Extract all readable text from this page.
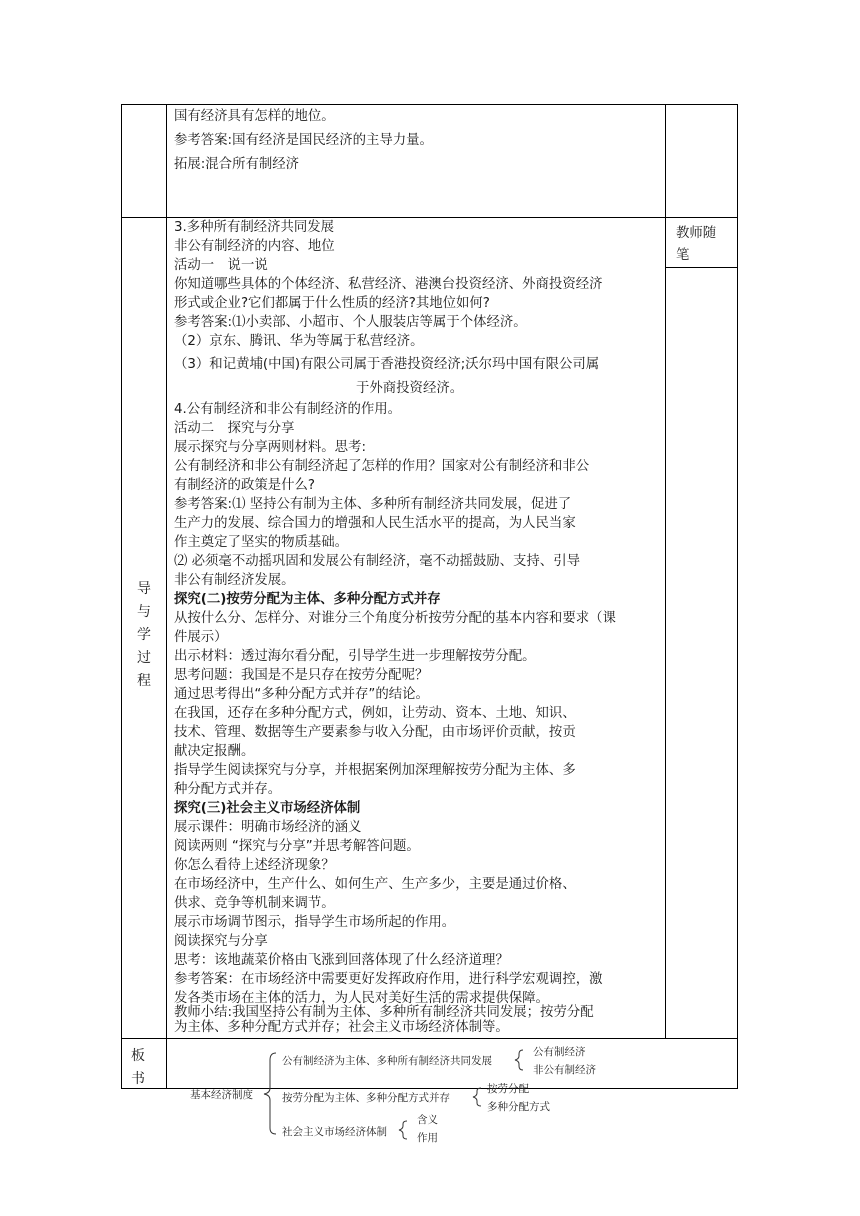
国有经济具有怎样的地位。
参考答案:国有经济是国民经济的主导力量。
拓展:混合所有制经济
教师随
笔
导
与
学
过
程
3.多种所有制经济共同发展
非公有制经济的内容、地位
活动一　说一说
你知道哪些具体的个体经济、私营经济、港澳台投资经济、外商投资经济
形式或企业?它们都属于什么性质的经济?其地位如何?
参考答案:⑴小卖部、小超市、个人服装店等属于个体经济。
（2）京东、腾讯、华为等属于私营经济。
（3）和记黄埔(中国)有限公司属于香港投资经济;沃尔玛中国有限公司属
于外商投资经济。
4.公有制经济和非公有制经济的作用。
活动二　探究与分享
展示探究与分享两则材料。思考:
公有制经济和非公有制经济起了怎样的作用？国家对公有制经济和非公
有制经济的政策是什么?
参考答案:⑴ 坚持公有制为主体、多种所有制经济共同发展，促进了
生产力的发展、综合国力的增强和人民生活水平的提高，为人民当家
作主奠定了坚实的物质基础。
⑵ 必须毫不动摇巩固和发展公有制经济，毫不动摇鼓励、支持、引导
非公有制经济发展。
探究(二)按劳分配为主体、多种分配方式并存
从按什么分、怎样分、对谁分三个角度分析按劳分配的基本内容和要求（课
件展示）
出示材料：透过海尔看分配，引导学生进一步理解按劳分配。
思考问题：我国是不是只存在按劳分配呢？
通过思考得出“多种分配方式并存”的结论。
在我国，还存在多种分配方式，例如，让劳动、资本、土地、知识、
技术、管理、数据等生产要素参与收入分配，由市场评价贡献，按贡
献决定报酬。
指导学生阅读探究与分享，并根据案例加深理解按劳分配为主体、多
种分配方式并存。
探究(三)社会主义市场经济体制
展示课件：明确市场经济的涵义
阅读两则 “探究与分享”并思考解答问题。
你怎么看待上述经济现象？
在市场经济中，生产什么、如何生产、生产多少，主要是通过价格、
供求、竞争等机制来调节。
展示市场调节图示，指导学生市场所起的作用。
阅读探究与分享
思考：该地蔬菜价格由飞涨到回落体现了什么经济道理？
参考答案：在市场经济中需要更好发挥政府作用，进行科学宏观调控，激
发各类市场在主体的活力，为人民对美好生活的需求提供保障。
教师小结:我国坚持公有制为主体、多种所有制经济共同发展；按劳分配
为主体、多种分配方式并存；社会主义市场经济体制等。
板
书
基本经济制度
公有制经济为主体、多种所有制经济共同发展
公有制经济
非公有制经济
按劳分配为主体、多种分配方式并存
按劳分配
多种分配方式
社会主义市场经济体制
含义
作用
